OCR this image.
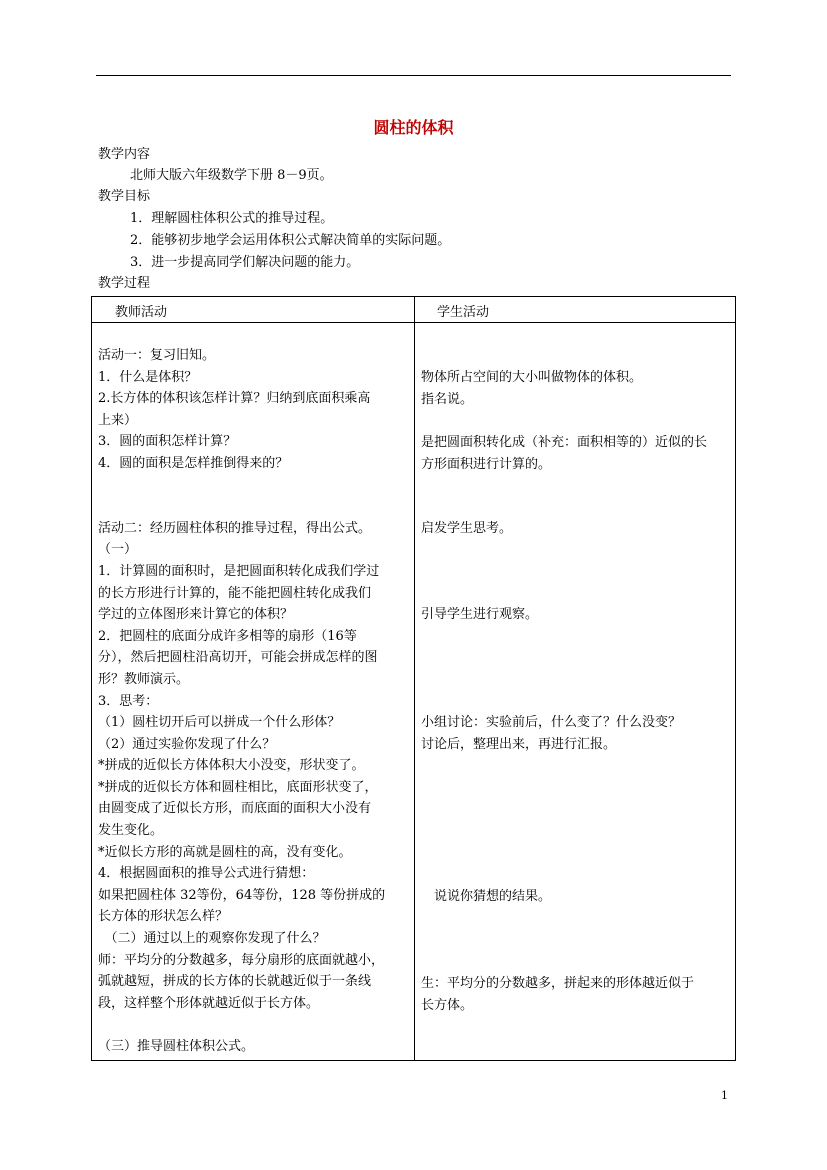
圆柱的体积
教学内容
北师大版六年级数学下册 8－9页。
教学目标
1．理解圆柱体积公式的推导过程。
2．能够初步地学会运用体积公式解决简单的实际问题。
3．进一步提高同学们解决问题的能力。
教学过程
教师活动	学生活动

活动一：复习旧知。

1．什么是体积？

2.长方体的体积该怎样计算？归纳到底面积乘高

上来）

3．圆的面积怎样计算？

4．圆的面积是怎样推倒得来的？

活动二：经历圆柱体积的推导过程，得出公式。

（一）

1．计算圆的面积时，是把圆面积转化成我们学过

的长方形进行计算的，能不能把圆柱转化成我们

学过的立体图形来计算它的体积？

2．把圆柱的底面分成许多相等的扇形（16等

分），然后把圆柱沿高切开，可能会拼成怎样的图

形？教师演示。

3．思考：

（1）圆柱切开后可以拼成一个什么形体？

（2）通过实验你发现了什么？

*拼成的近似长方体体积大小没变，形状变了。

*拼成的近似长方体和圆柱相比，底面形状变了，

由圆变成了近似长方形，而底面的面积大小没有

发生变化。

*近似长方形的高就是圆柱的高，没有变化。

4．根据圆面积的推导公式进行猜想：

如果把圆柱体 32等份，64等份，128 等份拼成的

长方体的形状怎么样？

　（二）通过以上的观察你发现了什么？

师：平均分的分数越多，每分扇形的底面就越小，

弧就越短，拼成的长方体的长就越近似于一条线

段，这样整个形体就越近似于长方体。

（三）推导圆柱体积公式。

物体所占空间的大小叫做物体的体积。

指名说。

是把圆面积转化成（补充：面积相等的）近似的长

方形面积进行计算的。

启发学生思考。

引导学生进行观察。

小组讨论：实验前后，什么变了？什么没变？

讨论后，整理出来，再进行汇报。

　说说你猜想的结果。

生：平均分的分数越多，拼起来的形体越近似于

长方体。

1
